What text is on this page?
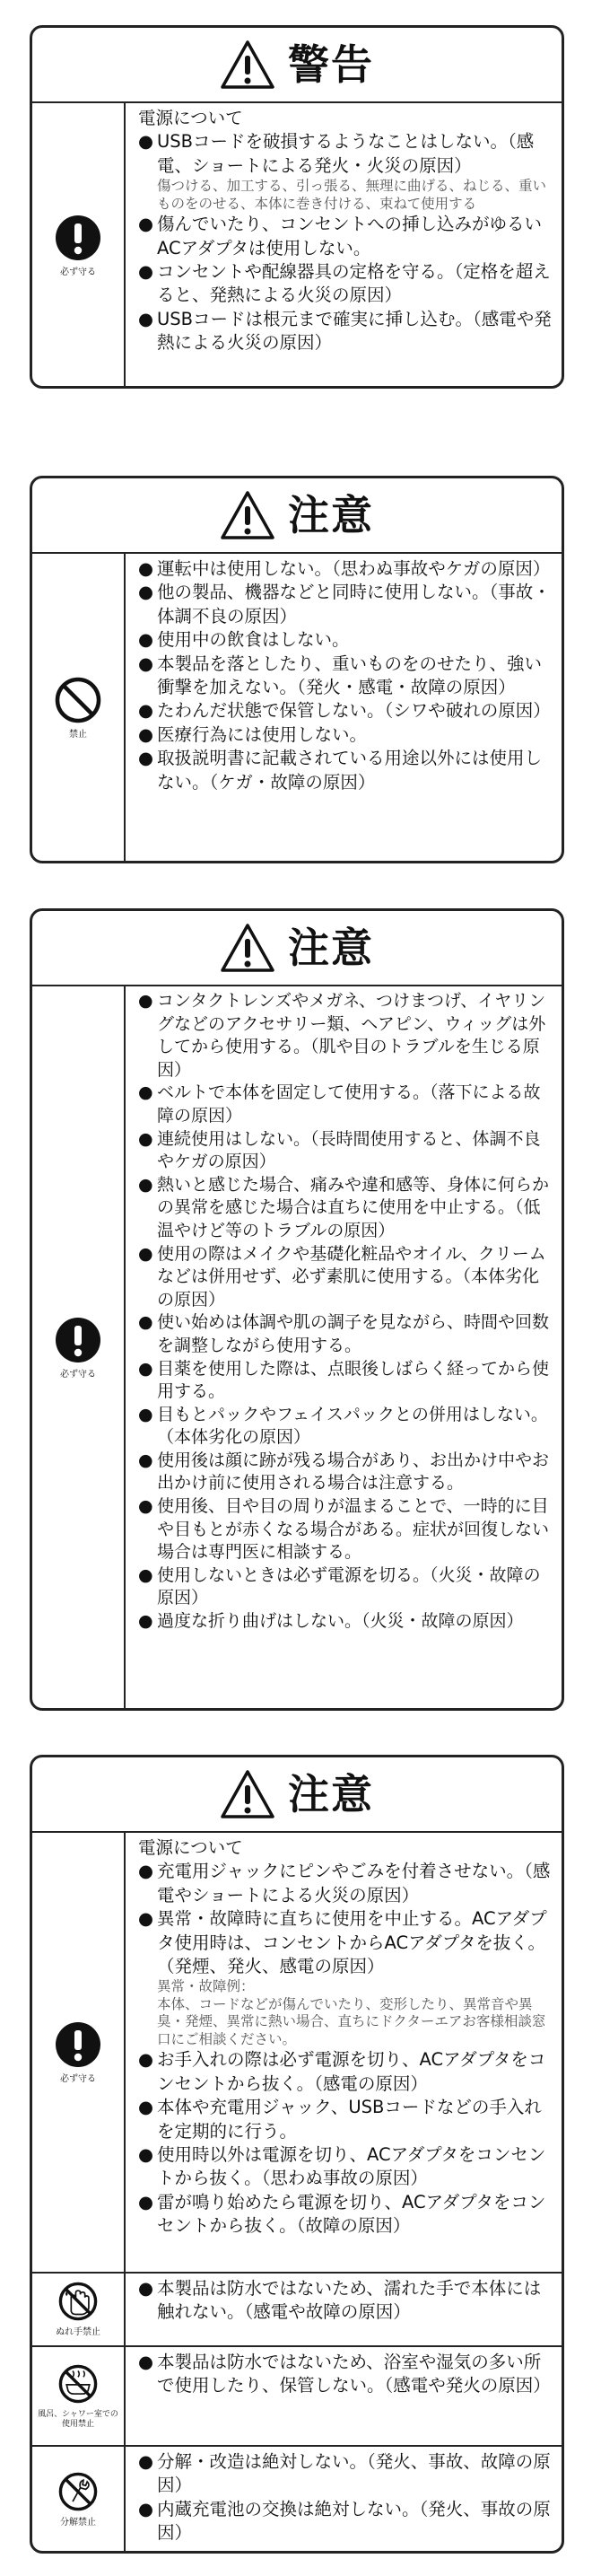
警告
必ず守る
電源について
● USBコードを破損するようなことはしない。（感電、ショートによる発火・火災の原因）
傷つける、加工する、引っ張る、無理に曲げる、ねじる、重いものをのせる、本体に巻き付ける、束ねて使用する
● 傷んでいたり、コンセントへの挿し込みがゆるいACアダプタは使用しない。
● コンセントや配線器具の定格を守る。（定格を超えると、発熱による火災の原因）
● USBコードは根元まで確実に挿し込む。（感電や発熱による火災の原因）
注意
禁止
● 運転中は使用しない。（思わぬ事故やケガの原因）
● 他の製品、機器などと同時に使用しない。（事故・体調不良の原因）
● 使用中の飲食はしない。
● 本製品を落としたり、重いものをのせたり、強い衝撃を加えない。（発火・感電・故障の原因）
● たわんだ状態で保管しない。（シワや破れの原因）
● 医療行為には使用しない。
● 取扱説明書に記載されている用途以外には使用しない。（ケガ・故障の原因）
注意
必ず守る
● コンタクトレンズやメガネ、つけまつげ、イヤリングなどのアクセサリー類、ヘアピン、ウィッグは外してから使用する。（肌や目のトラブルを生じる原因）
● ベルトで本体を固定して使用する。（落下による故障の原因）
● 連続使用はしない。（長時間使用すると、体調不良やケガの原因）
● 熱いと感じた場合、痛みや違和感等、身体に何らかの異常を感じた場合は直ちに使用を中止する。（低温やけど等のトラブルの原因）
● 使用の際はメイクや基礎化粧品やオイル、クリームなどは併用せず、必ず素肌に使用する。（本体劣化の原因）
● 使い始めは体調や肌の調子を見ながら、時間や回数を調整しながら使用する。
● 目薬を使用した際は、点眼後しばらく経ってから使用する。
● 目もとパックやフェイスパックとの併用はしない。（本体劣化の原因）
● 使用後は顔に跡が残る場合があり、お出かけ中やお出かけ前に使用される場合は注意する。
● 使用後、目や目の周りが温まることで、一時的に目や目もとが赤くなる場合がある。症状が回復しない場合は専門医に相談する。
● 使用しないときは必ず電源を切る。（火災・故障の原因）
● 過度な折り曲げはしない。（火災・故障の原因）
注意
必ず守る
電源について
● 充電用ジャックにピンやごみを付着させない。（感電やショートによる火災の原因）
● 異常・故障時に直ちに使用を中止する。ACアダプタ使用時は、コンセントからACアダプタを抜く。（発煙、発火、感電の原因）
異常・故障例：
本体、コードなどが傷んでいたり、変形したり、異常音や異臭・発煙、異常に熱い場合、直ちにドクターエアお客様相談窓口にご相談ください。
● お手入れの際は必ず電源を切り、ACアダプタをコンセントから抜く。（感電の原因）
● 本体や充電用ジャック、USBコードなどの手入れを定期的に行う。
● 使用時以外は電源を切り、ACアダプタをコンセントから抜く。（思わぬ事故の原因）
● 雷が鳴り始めたら電源を切り、ACアダプタをコンセントから抜く。（故障の原因）
ぬれ手禁止
● 本製品は防水ではないため、濡れた手で本体には触れない。（感電や故障の原因）
風呂、シャワー室での使用禁止
● 本製品は防水ではないため、浴室や湿気の多い所で使用したり、保管しない。（感電や発火の原因）
分解禁止
● 分解・改造は絶対しない。（発火、事故、故障の原因）
● 内蔵充電池の交換は絶対しない。（発火、事故の原因）
